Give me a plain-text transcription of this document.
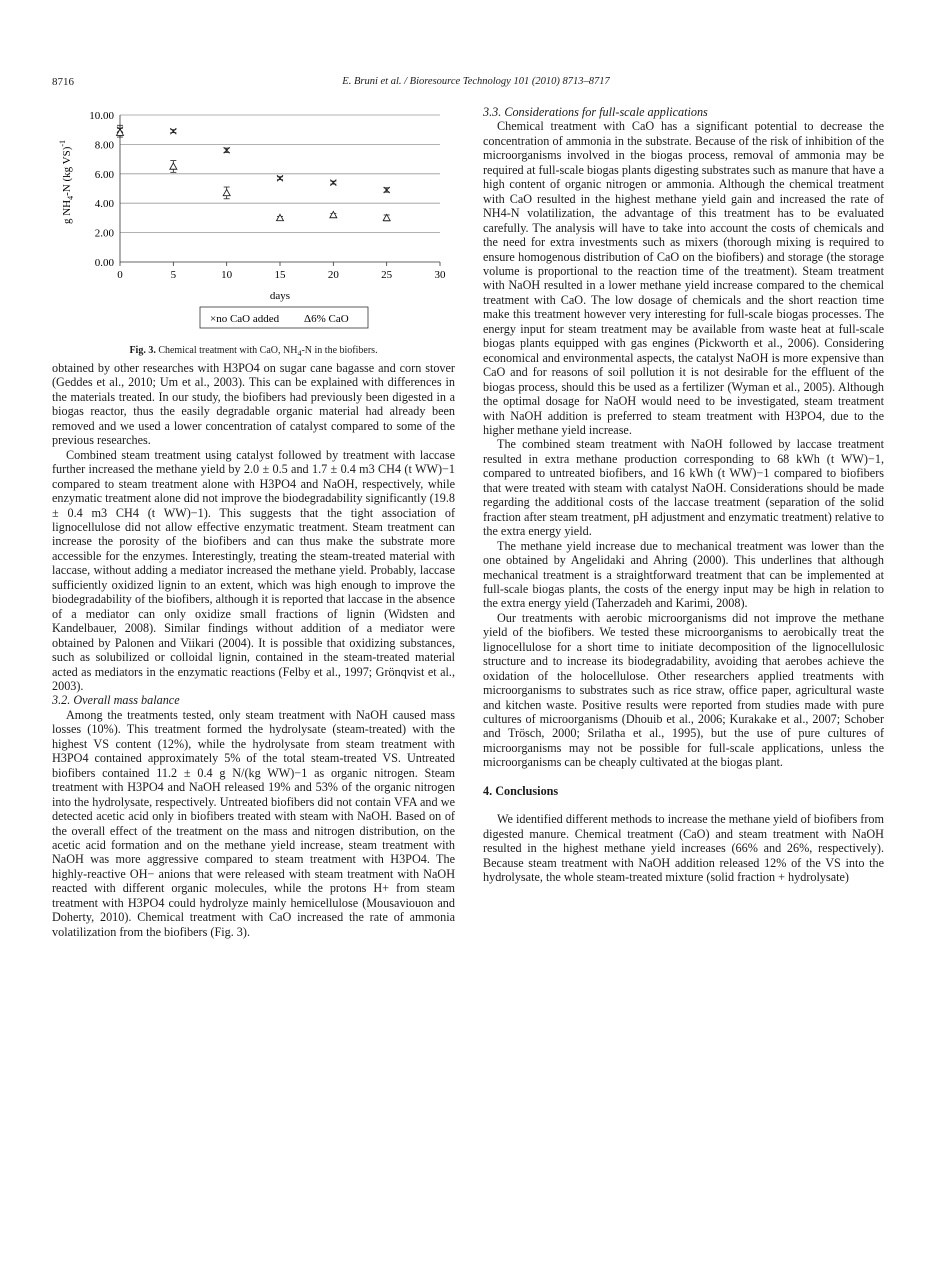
8716	E. Bruni et al. / Bioresource Technology 101 (2010) 8713–8717
0.00
2.00
4.00
6.00
8.00
10.00
0	5	10	15	20	25	30
g $NH_4-N$ (kg VS)$^{-1}$
days
×no CaO added Δ6% CaO
Fig. 3. Chemical treatment with CaO, $NH_4-N$ in the biofibers.

obtained by other researches with H3PO4 on sugar cane bagasse and corn stover (Geddes et al., 2010; Um et al., 2003). This can be explained with differences in the materials treated. In our study, the biofibers had previously been digested in a biogas reactor, thus the easily degradable organic material had already been removed and we used a lower concentration of catalyst compared to some of the previous researches.

Combined steam treatment using catalyst followed by treatment with laccase further increased the methane yield by 2.0 ± 0.5 and 1.7 ± 0.4 m3 CH4 (t WW)−1 compared to steam treatment alone with H3PO4 and NaOH, respectively, while enzymatic treatment alone did not improve the biodegradability significantly (19.8 ± 0.4 m3 CH4 (t WW)−1). This suggests that the tight association of lignocellulose did not allow effective enzymatic treatment. Steam treatment can increase the porosity of the biofibers and can thus make the substrate more accessible for the enzymes. Interestingly, treating the steam-treated material with laccase, without adding a mediator increased the methane yield. Probably, laccase sufficiently oxidized lignin to an extent, which was high enough to improve the biodegradability of the biofibers, although it is reported that laccase in the absence of a mediator can only oxidize small fractions of lignin (Widsten and Kandelbauer, 2008). Similar findings without addition of a mediator were obtained by Palonen and Viikari (2004). It is possible that oxidizing substances, such as solubilized or colloidal lignin, contained in the steam-treated material acted as mediators in the enzymatic reactions (Felby et al., 1997; Grönqvist et al., 2003).

3.2. Overall mass balance

Among the treatments tested, only steam treatment with NaOH caused mass losses (10%). This treatment formed the hydrolysate (steam-treated) with the highest VS content (12%), while the hydrolysate from steam treatment with H3PO4 contained approximately 5% of the total steam-treated VS. Untreated biofibers contained 11.2 ± 0.4 g N/(kg WW)−1 as organic nitrogen. Steam treatment with H3PO4 and NaOH released 19% and 53% of the organic nitrogen into the hydrolysate, respectively. Untreated biofibers did not contain VFA and we detected acetic acid only in biofibers treated with steam with NaOH. Based on of the overall effect of the treatment on the mass and nitrogen distribution, on the acetic acid formation and on the methane yield increase, steam treatment with NaOH was more aggressive compared to steam treatment with H3PO4. The highly-reactive OH− anions that were released with steam treatment with NaOH reacted with different organic molecules, while the protons H+ from steam treatment with H3PO4 could hydrolyze mainly hemicellulose (Mousaviouon and Doherty, 2010). Chemical treatment with CaO increased the rate of ammonia volatilization from the biofibers (Fig. 3).

3.3. Considerations for full-scale applications

Chemical treatment with CaO has a significant potential to decrease the concentration of ammonia in the substrate. Because of the risk of inhibition of the microorganisms involved in the biogas process, removal of ammonia may be required at full-scale biogas plants digesting substrates such as manure that have a high content of organic nitrogen or ammonia. Although the chemical treatment with CaO resulted in the highest methane yield gain and increased the rate of NH4-N volatilization, the advantage of this treatment has to be evaluated carefully. The analysis will have to take into account the costs of chemicals and the need for extra investments such as mixers (thorough mixing is required to ensure homogenous distribution of CaO on the biofibers) and storage (the storage volume is proportional to the reaction time of the treatment). Steam treatment with NaOH resulted in a lower methane yield increase compared to the chemical treatment with CaO. The low dosage of chemicals and the short reaction time make this treatment however very interesting for full-scale biogas processes. The energy input for steam treatment may be available from waste heat at full-scale biogas plants equipped with gas engines (Pickworth et al., 2006). Considering economical and environmental aspects, the catalyst NaOH is more expensive than CaO and for reasons of soil pollution it is not desirable for the effluent of the biogas process, should this be used as a fertilizer (Wyman et al., 2005). Although the optimal dosage for NaOH would need to be investigated, steam treatment with NaOH addition is preferred to steam treatment with H3PO4, due to the higher methane yield increase.

The combined steam treatment with NaOH followed by laccase treatment resulted in extra methane production corresponding to 68 kWh (t WW)−1, compared to untreated biofibers, and 16 kWh (t WW)−1 compared to biofibers that were treated with steam with catalyst NaOH. Considerations should be made regarding the additional costs of the laccase treatment (separation of the solid fraction after steam treatment, pH adjustment and enzymatic treatment) relative to the extra energy yield.

The methane yield increase due to mechanical treatment was lower than the one obtained by Angelidaki and Ahring (2000). This underlines that although mechanical treatment is a straightforward treatment that can be implemented at full-scale biogas plants, the costs of the energy input may be high in relation to the extra energy yield (Taherzadeh and Karimi, 2008).

Our treatments with aerobic microorganisms did not improve the methane yield of the biofibers. We tested these microorganisms to aerobically treat the lignocellulose for a short time to initiate decomposition of the lignocellulosic structure and to increase its biodegradability, avoiding that aerobes achieve the oxidation of the holocellulose. Other researchers applied treatments with microorganisms to substrates such as rice straw, office paper, agricultural waste and kitchen waste. Positive results were reported from studies made with pure cultures of microorganisms (Dhouib et al., 2006; Kurakake et al., 2007; Schober and Trösch, 2000; Srilatha et al., 1995), but the use of pure cultures of microorganisms may not be possible for full-scale applications, unless the microorganisms can be cheaply cultivated at the biogas plant.

4. Conclusions

We identified different methods to increase the methane yield of biofibers from digested manure. Chemical treatment (CaO) and steam treatment with NaOH resulted in the highest methane yield increases (66% and 26%, respectively). Because steam treatment with NaOH addition released 12% of the VS into the hydrolysate, the whole steam-treated mixture (solid fraction + hydrolysate)
